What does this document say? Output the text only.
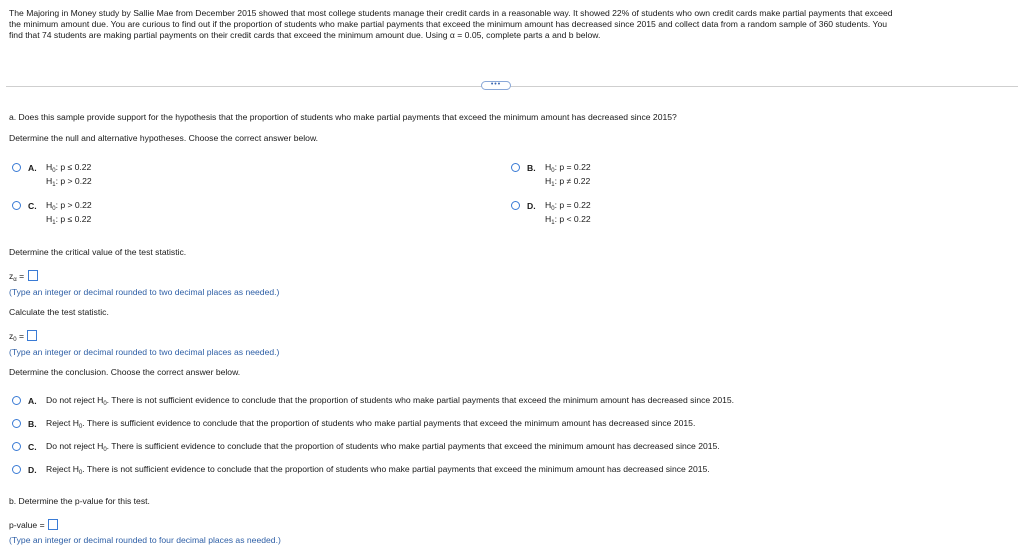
The Majoring in Money study by Sallie Mae from December 2015 showed that most college students manage their credit cards in a reasonable way. It showed 22% of students who own credit cards make partial payments that exceed
the minimum amount due. You are curious to find out if the proportion of students who make partial payments that exceed the minimum amount has decreased since 2015 and collect data from a random sample of 360 students. You
find that 74 students are making partial payments on their credit cards that exceed the minimum amount due. Using α = 0.05, complete parts a and b below.
•••
a. Does this sample provide support for the hypothesis that the proportion of students who make partial payments that exceed the minimum amount has decreased since 2015?
Determine the null and alternative hypotheses. Choose the correct answer below.
A. $H_0$: p ≤ 0.22
$H_1$: p > 0.22
B. $H_0$: p = 0.22
$H_1$: p ≠ 0.22
C. $H_0$: p > 0.22
$H_1$: p ≤ 0.22
D. $H_0$: p = 0.22
$H_1$: p < 0.22
Determine the critical value of the test statistic.
$z_\alpha$ =
(Type an integer or decimal rounded to two decimal places as needed.)
Calculate the test statistic.
$z_0$ =
(Type an integer or decimal rounded to two decimal places as needed.)
Determine the conclusion. Choose the correct answer below.
A. Do not reject $H_0$. There is not sufficient evidence to conclude that the proportion of students who make partial payments that exceed the minimum amount has decreased since 2015.
B. Reject $H_0$. There is sufficient evidence to conclude that the proportion of students who make partial payments that exceed the minimum amount has decreased since 2015.
C. Do not reject $H_0$. There is sufficient evidence to conclude that the proportion of students who make partial payments that exceed the minimum amount has decreased since 2015.
D. Reject $H_0$. There is not sufficient evidence to conclude that the proportion of students who make partial payments that exceed the minimum amount has decreased since 2015.
b. Determine the p-value for this test.
p-value =
(Type an integer or decimal rounded to four decimal places as needed.)
